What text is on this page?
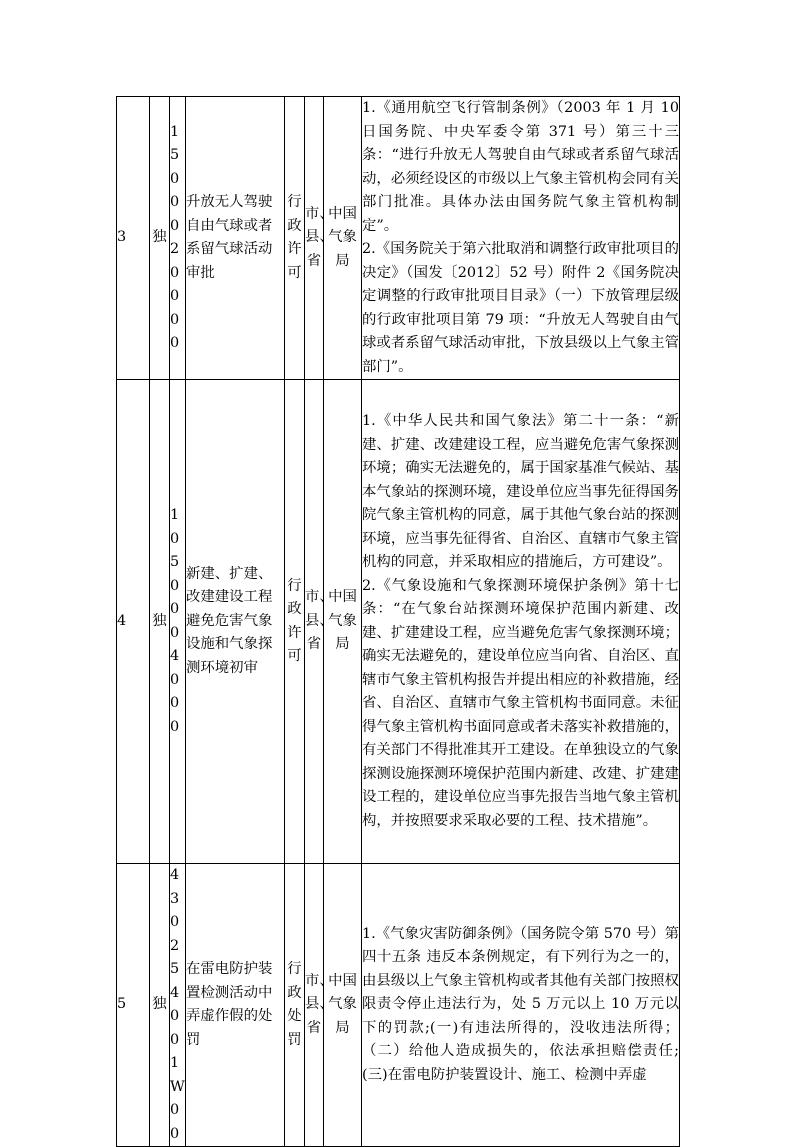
3	独	1500020000	升放无人驾驶自由气球或者系留气球活动审批	行政许可	市、县、省	中国气象局	1.《通用航空飞行管制条例》（2003 年 1 月 10 日国务院、中央军委令第 371 号）第三十三条：“进行升放无人驾驶自由气球或者系留气球活动，必须经设区的市级以上气象主管机构会同有关部门批准。具体办法由国务院气象主管机构制定”。

2.《国务院关于第六批取消和调整行政审批项目的决定》（国发〔2012〕52 号）附件 2《国务院决定调整的行政审批项目目录》（一）下放管理层级的行政审批项目第 79 项：“升放无人驾驶自由气球或者系留气球活动审批，下放县级以上气象主管部门”。

4	独	1050004000	新建、扩建、改建建设工程避免危害气象设施和气象探测环境初审	行政许可	市、县、省	中国气象局	1.《中华人民共和国气象法》第二十一条：“新建、扩建、改建建设工程，应当避免危害气象探测环境；确实无法避免的，属于国家基准气候站、基本气象站的探测环境，建设单位应当事先征得国务院气象主管机构的同意，属于其他气象台站的探测环境，应当事先征得省、自治区、直辖市气象主管机构的同意，并采取相应的措施后，方可建设”。

2.《气象设施和气象探测环境保护条例》第十七条：“在气象台站探测环境保护范围内新建、改建、扩建建设工程，应当避免危害气象探测环境；确实无法避免的，建设单位应当向省、自治区、直辖市气象主管机构报告并提出相应的补救措施，经省、自治区、直辖市气象主管机构书面同意。未征得气象主管机构书面同意或者未落实补救措施的，有关部门不得批准其开工建设。在单独设立的气象探测设施探测环境保护范围内新建、改建、扩建建设工程的，建设单位应当事先报告当地气象主管机构，并按照要求采取必要的工程、技术措施”。

5	独	430254001W00	在雷电防护装置检测活动中弄虚作假的处罚	行政处罚	市、县、省	中国气象局	1.《气象灾害防御条例》（国务院令第 570 号）第四十五条 违反本条例规定，有下列行为之一的，由县级以上气象主管机构或者其他有关部门按照权限责令停止违法行为，处 5 万元以上 10 万元以下的罚款;(一)有违法所得的，没收违法所得；（二）给他人造成损失的，依法承担赔偿责任;(三)在雷电防护装置设计、施工、检测中弄虚
